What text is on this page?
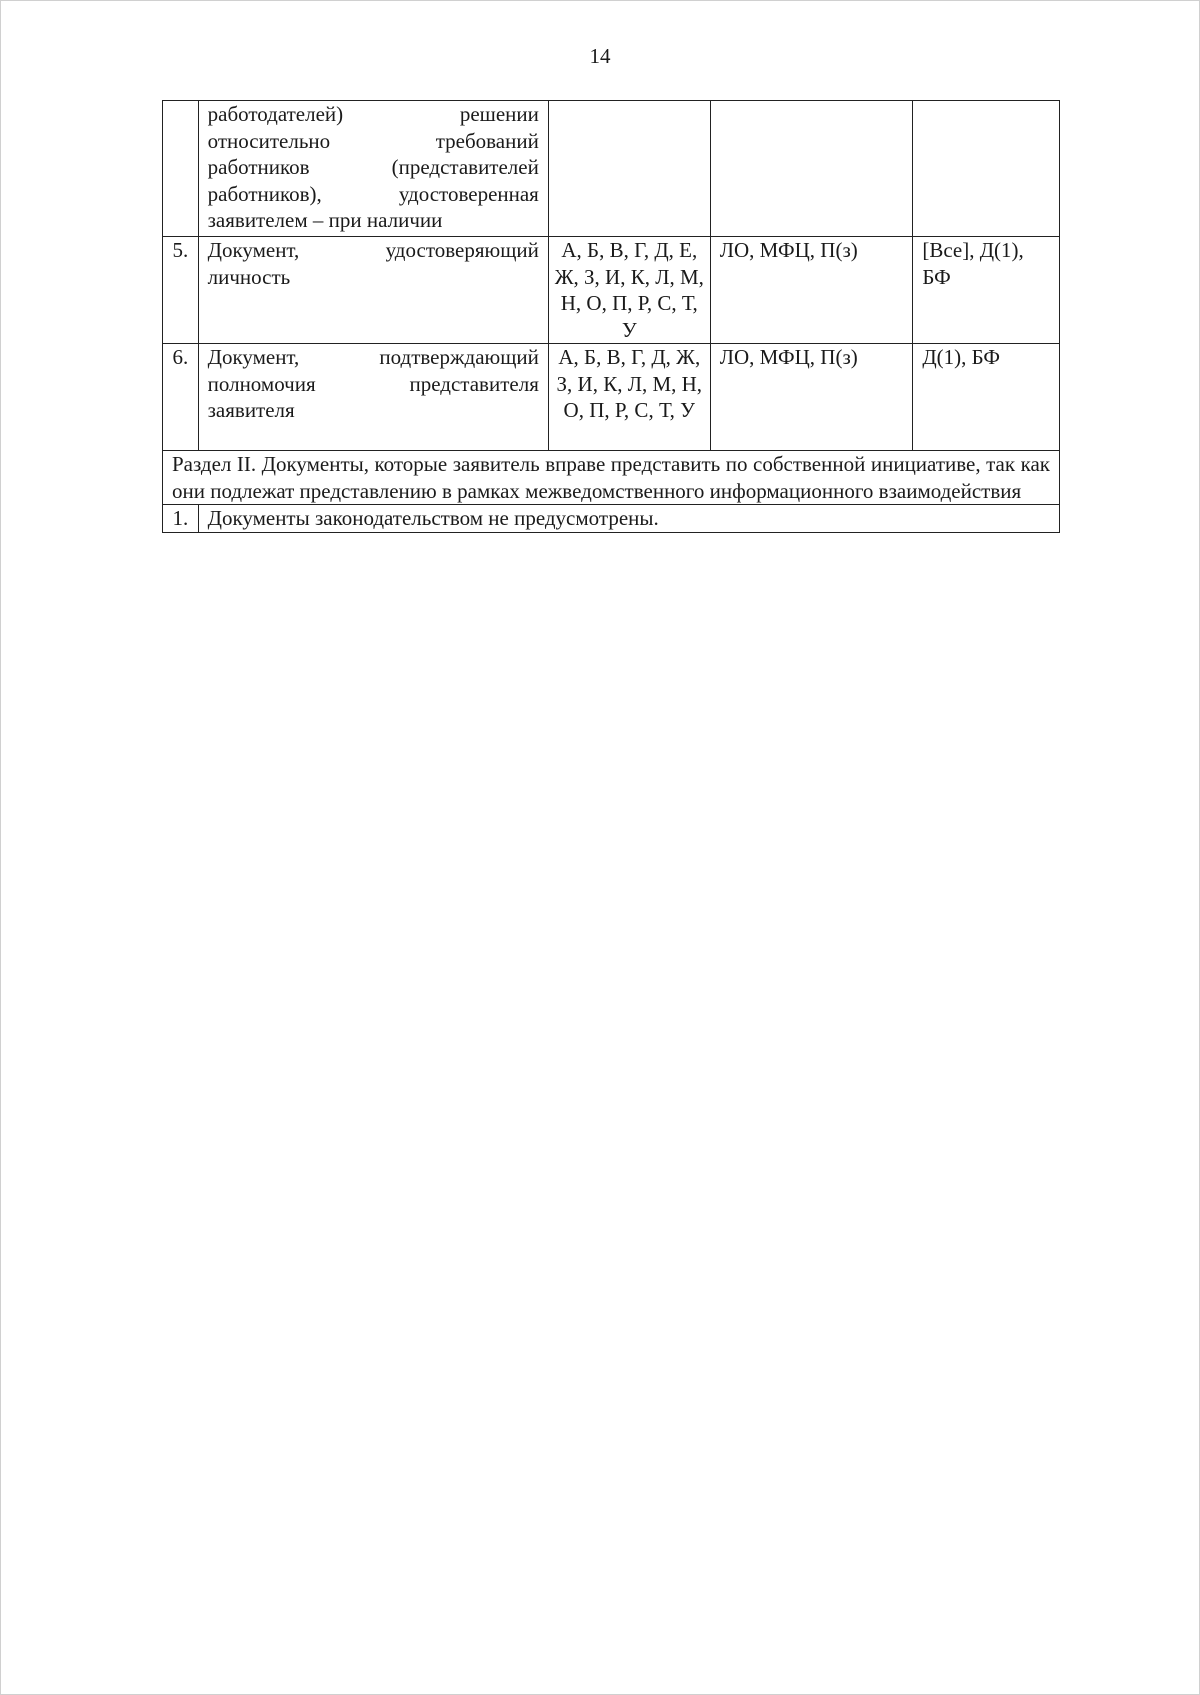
14

	работодателей) решении
относительно требований
работников (представителей
работников), удостоверенная
заявителем – при наличии			
5.	Документ, удостоверяющий личность	А, Б, В, Г, Д, Е, Ж, З, И, К, Л, М, Н, О, П, Р, С, Т, У	ЛО, МФЦ, П(з)	[Все], Д(1), БФ
6.	Документ, подтверждающий полномочия представителя заявителя	А, Б, В, Г, Д, Ж, З, И, К, Л, М, Н, О, П, Р, С, Т, У	ЛО, МФЦ, П(з)	Д(1), БФ
Раздел II. Документы, которые заявитель вправе представить по собственной инициативе, так как они подлежат представлению в рамках межведомственного информационного взаимодействия				
1.	Документы законодательством не предусмотрены.			
